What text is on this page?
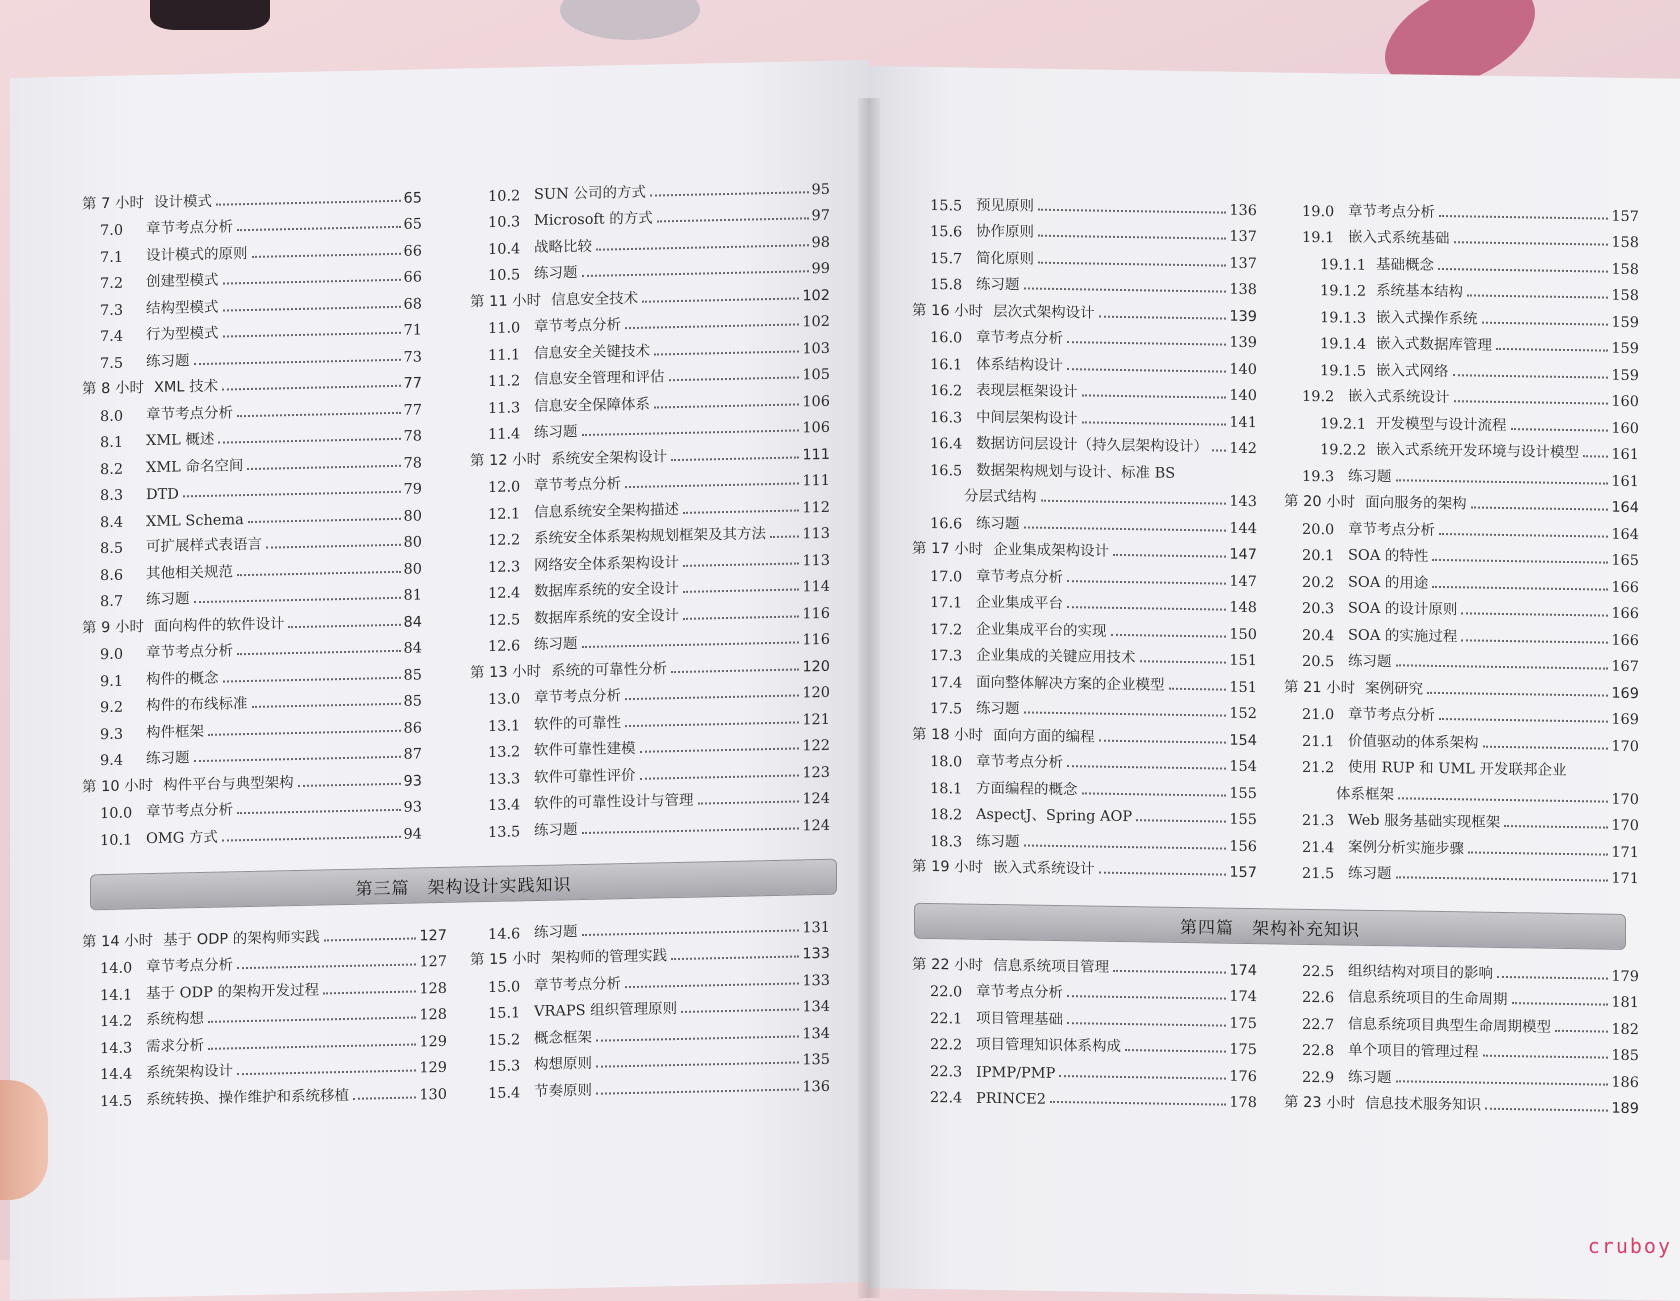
第 7 小时 设计模式	65
7.0	章节考点分析	65
7.1	设计模式的原则	66
7.2	创建型模式	66
7.3	结构型模式	68
7.4	行为型模式	71
7.5	练习题	73
第 8 小时 XML 技术	77
8.0	章节考点分析	77
8.1	XML 概述	78
8.2	XML 命名空间	78
8.3	DTD	79
8.4	XML Schema	80
8.5	可扩展样式表语言	80
8.6	其他相关规范	80
8.7	练习题	81
第 9 小时 面向构件的软件设计	84
9.0	章节考点分析	84
9.1	构件的概念	85
9.2	构件的布线标准	85
9.3	构件框架	86
9.4	练习题	87
第 10 小时 构件平台与典型架构	93
10.0 章节考点分析	93
10.1 OMG 方式	94
10.2 SUN 公司的方式	95
10.3 Microsoft 的方式	97
10.4 战略比较	98
10.5 练习题	99
第 11 小时 信息安全技术	102
11.0 章节考点分析	102
11.1 信息安全关键技术	103
11.2 信息安全管理和评估	105
11.3 信息安全保障体系	106
11.4 练习题	106
第 12 小时 系统安全架构设计	111
12.0 章节考点分析	111
12.1 信息系统安全架构描述	112
12.2 系统安全体系架构规划框架及其方法	113
12.3 网络安全体系架构设计	113
12.4 数据库系统的安全设计	114
12.5 数据库系统的安全设计	116
12.6 练习题	116
第 13 小时 系统的可靠性分析	120
13.0 章节考点分析	120
13.1 软件的可靠性	121
13.2 软件可靠性建模	122
13.3 软件可靠性评价	123
13.4 软件的可靠性设计与管理	124
13.5 练习题	124
第三篇　架构设计实践知识
第 14 小时 基于 ODP 的架构师实践	127
14.0 章节考点分析	127
14.1 基于 ODP 的架构开发过程	128
14.2 系统构想	128
14.3 需求分析	129
14.4 系统架构设计	129
14.5 系统转换、操作维护和系统移植	130
14.6 练习题	131
第 15 小时 架构师的管理实践	133
15.0 章节考点分析	133
15.1 VRAPS 组织管理原则	134
15.2 概念框架	134
15.3 构想原则	135
15.4 节奏原则	136
15.5 预见原则	136
15.6 协作原则	137
15.7 简化原则	137
15.8 练习题	138
第 16 小时 层次式架构设计	139
16.0 章节考点分析	139
16.1 体系结构设计	140
16.2 表现层框架设计	140
16.3 中间层架构设计	141
16.4 数据访问层设计（持久层架构设计） 142
16.5 数据架构规划与设计、标准 BS
分层式结构	143
16.6 练习题	144
第 17 小时 企业集成架构设计	147
17.0 章节考点分析	147
17.1 企业集成平台	148
17.2 企业集成平台的实现	150
17.3 企业集成的关键应用技术	151
17.4 面向整体解决方案的企业模型	151
17.5 练习题	152
第 18 小时 面向方面的编程	154
18.0 章节考点分析	154
18.1 方面编程的概念	155
18.2 AspectJ、Spring AOP	155
18.3 练习题	156
第 19 小时 嵌入式系统设计	157
19.0 章节考点分析	157
19.1 嵌入式系统基础	158
19.1.1 基础概念	158
19.1.2 系统基本结构	158
19.1.3 嵌入式操作系统	159
19.1.4 嵌入式数据库管理	159
19.1.5 嵌入式网络	159
19.2 嵌入式系统设计	160
19.2.1 开发模型与设计流程	160
19.2.2 嵌入式系统开发环境与设计模型 161
19.3 练习题	161
第 20 小时 面向服务的架构	164
20.0 章节考点分析	164
20.1 SOA 的特性	165
20.2 SOA 的用途	166
20.3 SOA 的设计原则	166
20.4 SOA 的实施过程	166
20.5 练习题	167
第 21 小时 案例研究	169
21.0 章节考点分析	169
21.1 价值驱动的体系架构	170
21.2 使用 RUP 和 UML 开发联邦企业
体系框架	170
21.3 Web 服务基础实现框架	170
21.4 案例分析实施步骤	171
21.5 练习题	171
第四篇　架构补充知识
第 22 小时 信息系统项目管理	174
22.0 章节考点分析	174
22.1 项目管理基础	175
22.2 项目管理知识体系构成	175
22.3 IPMP/PMP	176
22.4 PRINCE2	178
22.5 组织结构对项目的影响	179
22.6 信息系统项目的生命周期	181
22.7 信息系统项目典型生命周期模型	182
22.8 单个项目的管理过程	185
22.9 练习题	186
第 23 小时 信息技术服务知识	189
cruboy
